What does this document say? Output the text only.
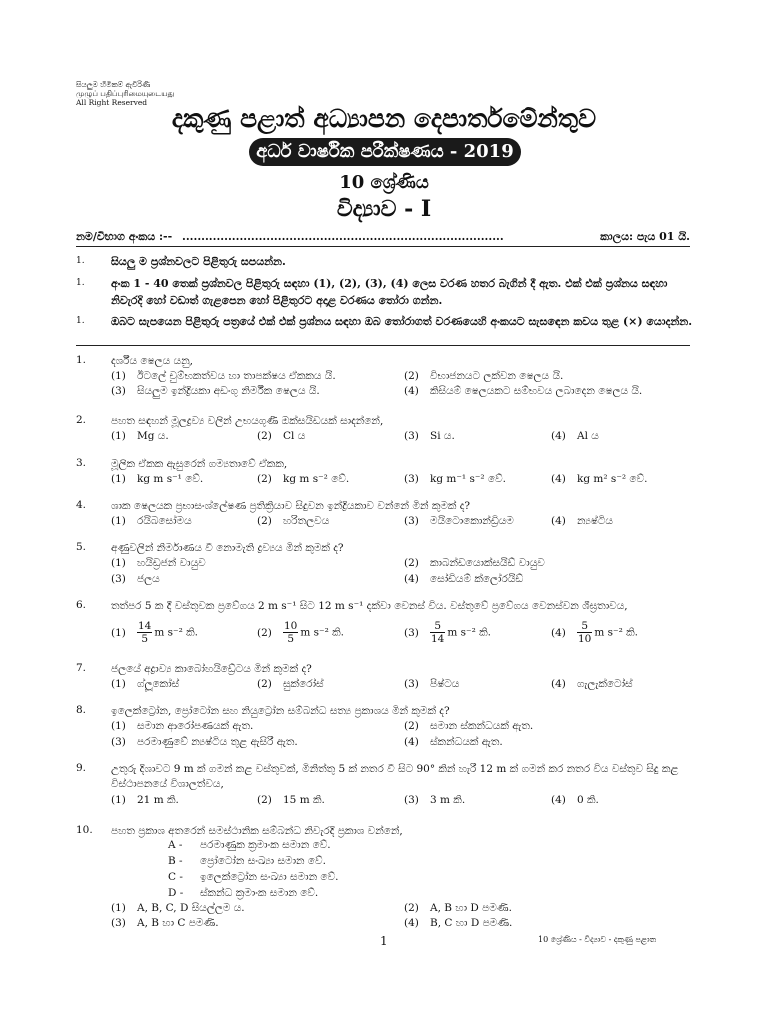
සියලුම හිමිකම් ඇවිරිණි
முழுப் பதிப்புரிமையுடையது
All Right Reserved
දකුණු පළාත් අධ්‍යාපන දෙපාර්තමේන්තුව
අර්ධ වාර්ෂික පරීක්ෂණය - 2019
10 ශ්‍රේණිය
විද්‍යාව - I
නම/විභාග අංකය :-- ....................................................................................	කාලය: පැය 01 යි.
1. සියලු ම ප්‍රශ්නවලට පිළිතුරු සපයන්න.
1. අංක 1 - 40 තෙක් ප්‍රශ්නවල පිළිතුරු සඳහා (1), (2), (3), (4) ලෙස වරණ හතර බැගින් දී ඇත. එක් එක් ප්‍රශ්නය සඳහා නිවැරදි හෝ වඩාත් ගැළපෙන හෝ පිළිතුරට අදාළ වරණය තෝරා ගන්න.
1. ඔබට සැපයෙන පිළිතුරු පත්‍රයේ එක් එක් ප්‍රශ්නය සඳහා ඔබ තෝරාගත් වරණයෙහි අංකයට සැසඳෙන කවය තුළ (×) යොදන්න.
1. දර්ශීය ෂෙලය යනු,
(1) ඊටලේ චුම්භකත්වය හා තාපක්ෂය ඒකකය යි.	(2) විභාජනයට ලක්වන ෂෙලය යි.
(3) සියලුම ඉන්ද්‍රියකා අඩංගු නිර්මීක ෂෙලය යි.	(4) කිසියම් ෂෙලයකට සම්භවය ලබාදෙන ෂෙලය යි.
2. පහත සඳහන් මූලද්‍රව්‍ය වලින් උභයගුණී ඔක්සයිඩයක් සාදන්නේ,
(1) Mg ය.	(2) Cl ය	(3) Si ය.	(4) Al ය
3. මූලික ඒකක ඇසුරෙන් ගම්‍යතාවේ ඒකක,
(1) kg m s⁻¹ වේ.	(2) kg m s⁻² වේ.	(3) kg m⁻¹ s⁻² වේ.	(4) kg m² s⁻² වේ.
4. ශාක ෂෙලයක ප්‍රභාසංශ්ලේෂණ ප්‍රතික්‍රියාව සිදුවන ඉන්ද්‍රියකාව වන්නේ මින් කුමක් ද?
(1) රයිබසෝමය	(2) හරිතලවය	(3) මයිටොකොන්ඩ්‍රියම	(4) න්‍යෂ්ටිය
5. අණුවලින් නිර්මාණය වී නොමැති ද්‍රව්‍යය මින් කුමක් ද?
(1) හයිඩ්‍රජන් වායුව	(2) කාබන්ඩයොක්සයිඩ් වායුව
(3) ජලය	(4) සෝඩියම් ක්ලෝරයිඩ්
6. තත්පර 5 ක දී වස්තුවක ප්‍රවේගය 2 m s⁻¹ සිට 12 m s⁻¹ දක්වා වෙනස් විය. වස්තුවේ ප්‍රවේගය වෙනස්වන ශීඝ්‍රතාවය,
$(1) \frac{14}{5}$ m s⁻² කි.	$(2) \frac{10}{5}$ m s⁻² කි.	$(3) \frac{5}{14}$ m s⁻² කි.	$(4) \frac{5}{10}$ m s⁻² කි.
7. ජලයේ අද්‍රාව්‍ය කාබෝහයිඩ්‍රේටය මින් කුමක් ද?
(1) ග්ලූකෝස්	(2) සුක්රෝස්	(3) පිෂ්ටය	(4) ගැලැක්ටෝස්
8. ඉලෙක්ට්‍රෝන, ප්‍රෝටෝන සහ නියුට්‍රෝන සම්බන්ධ සත්‍ය ප්‍රකාශය මින් කුමක් ද?
(1) සමාන ආරෝපණයක් ඇත.	(2) සමාන ස්කන්ධයක් ඇත.
(3) පරමාණුවේ න්‍යෂ්ටිය තුළ ඇසිරී ඇත.	(4) ස්කන්ධයක් ඇත.
9. උතුරු දිශාවට 9 m ක් ගමන් කළ වස්තුවක්, මිනිත්තු 5 ක් නතර වී සිට 90° කින් හැරී 12 m ක් ගමන් කර නතර විය වස්තුව සිදු කළ විස්ථාපනයේ විශාලත්වය,
(1) 21 m කි.	(2) 15 m කි.	(3) 3 m කි.	(4) 0 කි.
10. පහත ප්‍රකාශ අතරෙන් සමස්ථානික සම්බන්ධ නිවැරදි ප්‍රකාශ වන්නේ,
A - පරමාණුක ක්‍රමාංක සමාන වේ.
B - ප්‍රෝටෝන සංඛ්‍යා සමාන වේ.
C - ඉලෙක්ට්‍රෝන සංඛ්‍යා සමාන වේ.
D - ස්කන්ධ ක්‍රමාංක සමාන වේ.
(1) A, B, C, D සියල්ලම ය.	(2) A, B හා D පමණි.
(3) A, B හා C පමණි.	(4) B, C හා D පමණි.
1	10 ශ්‍රේණිය - විද්‍යාව - දකුණු පළාත
